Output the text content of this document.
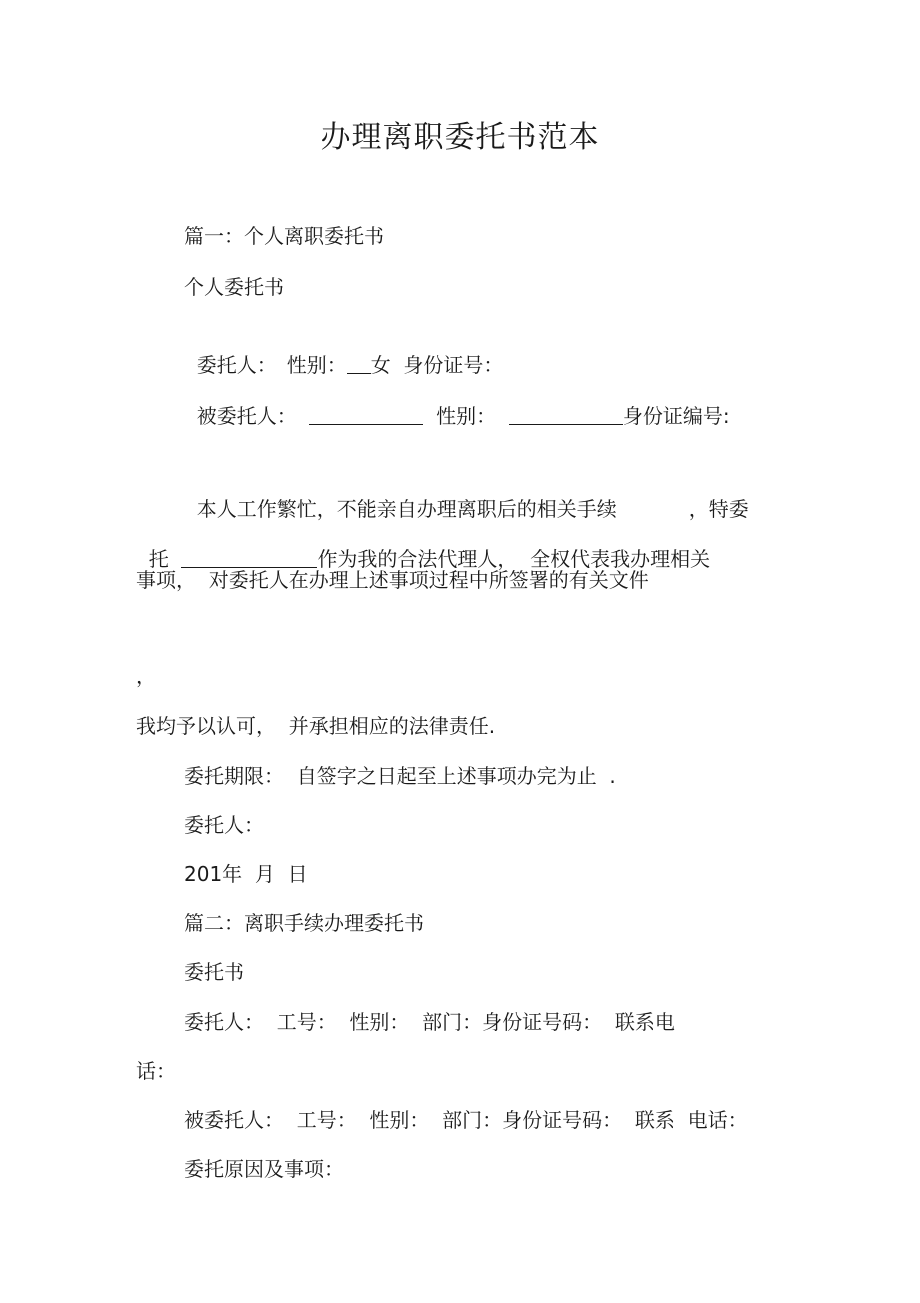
办理离职委托书范本
篇一：个人离职委托书
个人委托书

委托人：　性别： 女  身份证号：

被委托人：	性别：	身份证编号:

本人工作繁忙，不能亲自办理离职后的相关手续	，特委

托	作为我的合法代理人，  全权代表我办理相关

事项，  对委托人在办理上述事项过程中所签署的有关文件
，
我均予以认可，  并承担相应的法律责任.
委托期限：  自签字之日起至上述事项办完为止  .
委托人：
201年  月  日
篇二：离职手续办理委托书
委托书
委托人：  工号：  性别：  部门：身份证号码：  联系电
话：
被委托人：  工号：  性别：  部门：身份证号码：  联系  电话：
委托原因及事项：
